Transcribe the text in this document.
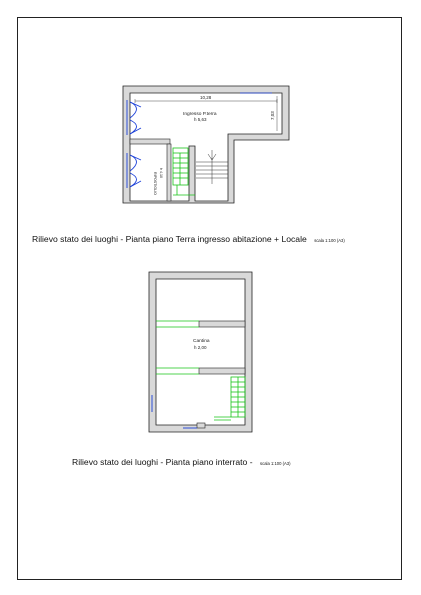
10,28
7,03
Ingresso P.terra
h 5,63
RIPOSTIGLIO h 4,10
Cantina
h 2,00
Rilievo stato dei luoghi - Pianta piano Terra ingresso abitazione + Locale scala 1:100 (A3)
Rilievo stato dei luoghi - Pianta piano interrato - scala 1:100 (A3)
